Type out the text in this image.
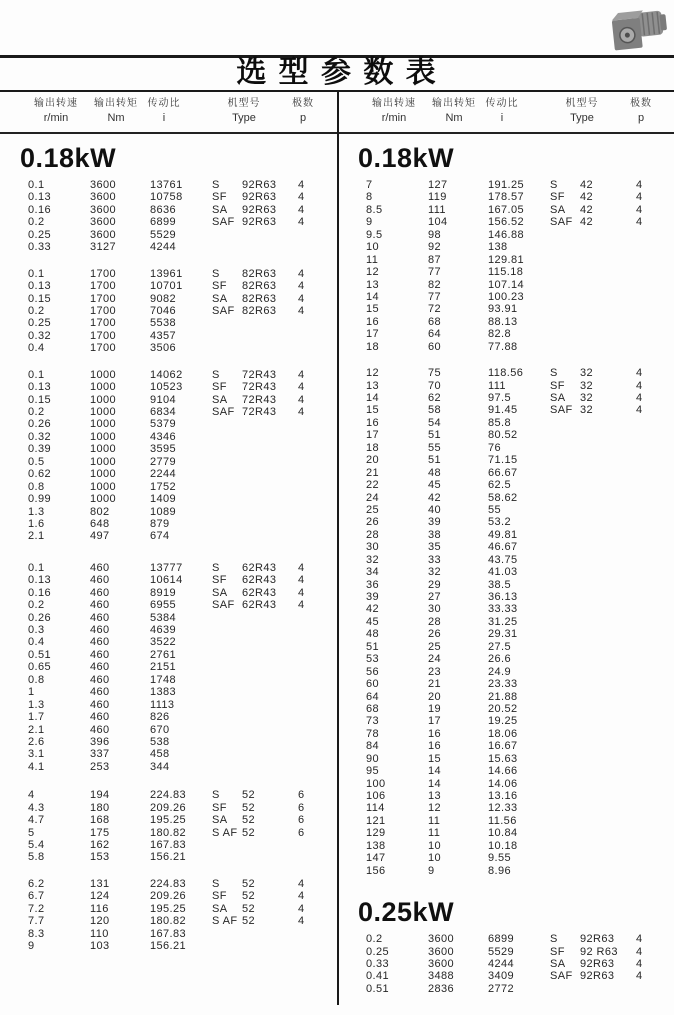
选 型 参 数 表
输出转速
r/min
输出转矩
Nm
传动比
i
机型号
Type
极数
p
输出转速
r/min
输出转矩
Nm
传动比
i
机型号
Type
极数
p
0.18kW
0.1	3600	13761	S	92R63	4
0.13	3600	10758	SF	92R63	4
0.16	3600	8636	SA	92R63	4
0.2	3600	6899	SAF 92R63	4
0.25	3600	5529
0.33	3127	4244
0.1	1700	13961	S	82R63	4
0.13	1700	10701	SF	82R63	4
0.15	1700	9082	SA	82R63	4
0.2	1700	7046	SAF 82R63	4
0.25	1700	5538
0.32	1700	4357
0.4	1700	3506
0.1	1000	14062	S	72R43	4
0.13	1000	10523	SF	72R43	4
0.15	1000	9104	SA	72R43	4
0.2	1000	6834	SAF 72R43	4
0.26	1000	5379
0.32	1000	4346
0.39	1000	3595
0.5	1000	2779
0.62	1000	2244
0.8	1000	1752
0.99	1000	1409
1.3	802	1089
1.6	648	879
2.1	497	674
0.1	460	13777	S	62R43	4
0.13	460	10614	SF	62R43	4
0.16	460	8919	SA	62R43	4
0.2	460	6955	SAF 62R43	4
0.26	460	5384
0.3	460	4639
0.4	460	3522
0.51	460	2761
0.65	460	2151
0.8	460	1748
1	460	1383
1.3	460	1113
1.7	460	826
2.1	460	670
2.6	396	538
3.1	337	458
4.1	253	344
4	194	224.83	S	52	6
4.3	180	209.26	SF	52	6
4.7	168	195.25	SA	52	6
5	175	180.82	S AF 52	6
5.4	162	167.83
5.8	153	156.21
6.2	131	224.83	S	52	4
6.7	124	209.26	SF	52	4
7.2	116	195.25	SA	52	4
7.7	120	180.82	S AF 52	4
8.3	110	167.83
9	103	156.21
0.18kW
7	127	191.25	S	42	4
8	119	178.57	SF	42	4
8.5	111	167.05	SA	42	4
9	104	156.52	SAF 42	4
9.5	98	146.88
10	92	138
11	87	129.81
12	77	115.18
13	82	107.14
14	77	100.23
15	72	93.91
16	68	88.13
17	64	82.8
18	60	77.88
12	75	118.56	S	32	4
13	70	111	SF	32	4
14	62	97.5	SA	32	4
15	58	91.45	SAF 32	4
16	54	85.8
17	51	80.52
18	55	76
20	51	71.15
21	48	66.67
22	45	62.5
24	42	58.62
25	40	55
26	39	53.2
28	38	49.81
30	35	46.67
32	33	43.75
34	32	41.03
36	29	38.5
39	27	36.13
42	30	33.33
45	28	31.25
48	26	29.31
51	25	27.5
53	24	26.6
56	23	24.9
60	21	23.33
64	20	21.88
68	19	20.52
73	17	19.25
78	16	18.06
84	16	16.67
90	15	15.63
95	14	14.66
100	14	14.06
106	13	13.16
114	12	12.33
121	11	11.56
129	11	10.84
138	10	10.18
147	10	9.55
156	9	8.96
0.25kW
0.2	3600	6899	S	92R63	4
0.25	3600	5529	SF	92 R63	4
0.33	3600	4244	SA	92R63	4
0.41	3488	3409	SAF 92R63	4
0.51	2836	2772
